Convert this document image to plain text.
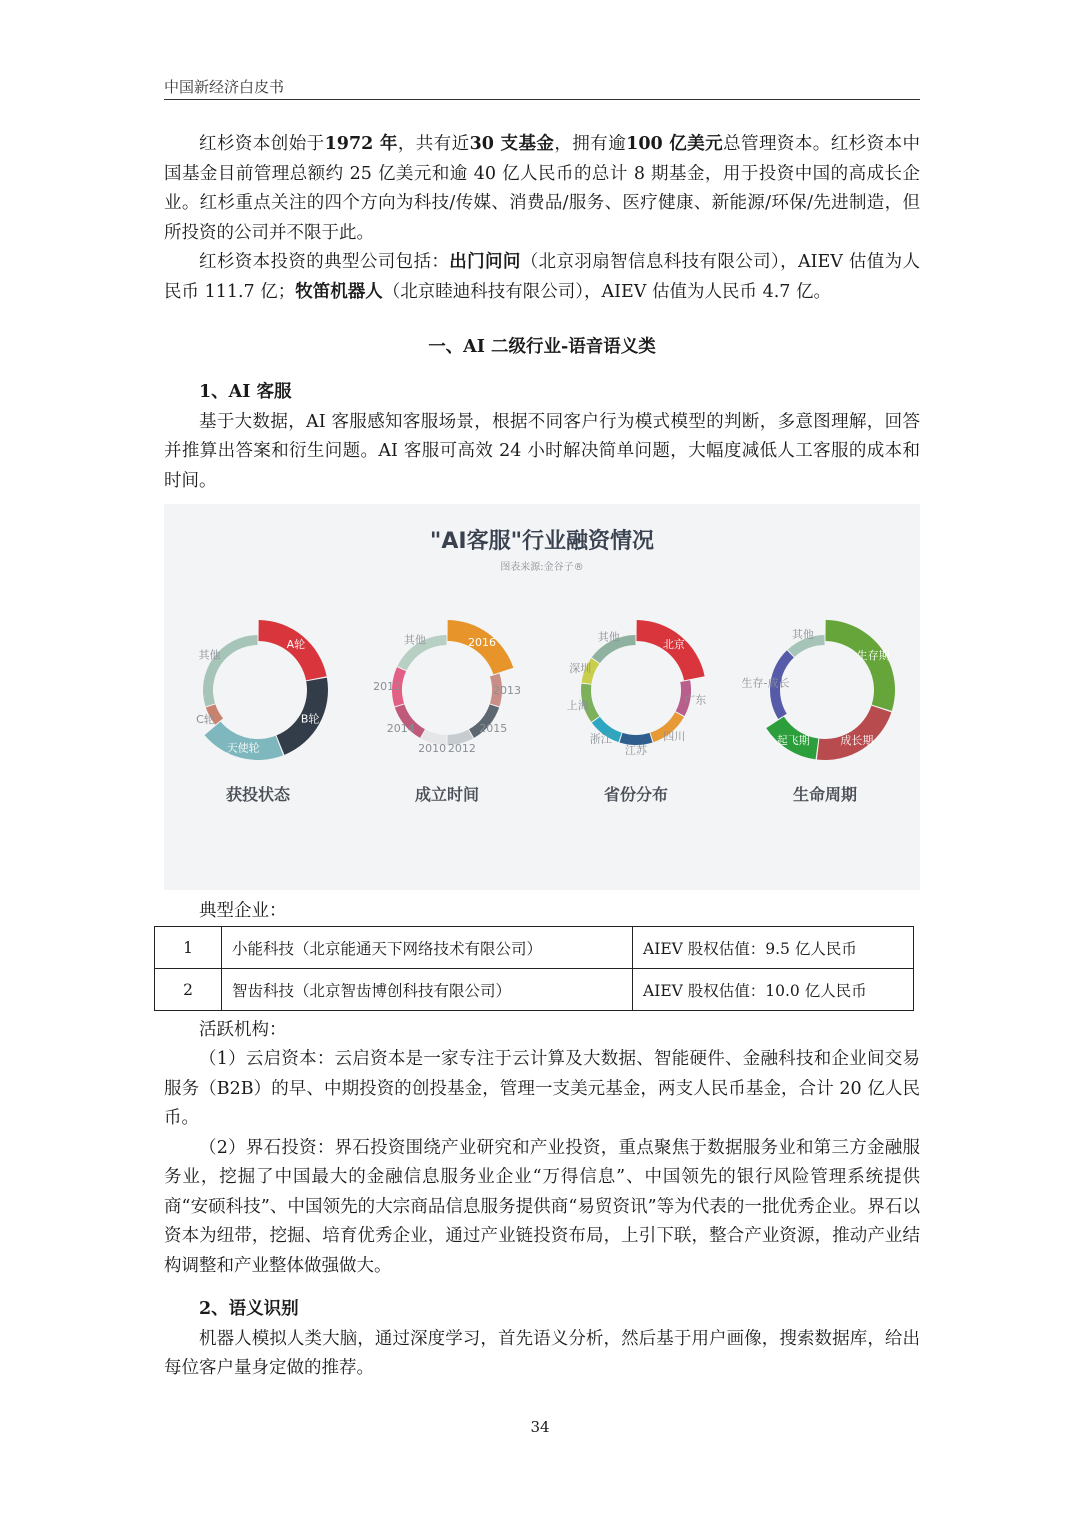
中国新经济白皮书

红杉资本创始于1972 年，共有近30 支基金，拥有逾100 亿美元总管理资本。红杉资本中国基金目前管理总额约 25 亿美元和逾 40 亿人民币的总计 8 期基金，用于投资中国的高成长企业。红杉重点关注的四个方向为科技/传媒、消费品/服务、医疗健康、新能源/环保/先进制造，但所投资的公司并不限于此。

红杉资本投资的典型公司包括：出门问问（北京羽扇智信息科技有限公司），AIEV 估值为人民币 111.7 亿；牧笛机器人（北京睦迪科技有限公司），AIEV 估值为人民币 4.7 亿。

一、AI 二级行业-语音语义类
1、AI 客服

基于大数据，AI 客服感知客服场景，根据不同客户行为模式模型的判断，多意图理解，回答并推算出答案和衍生问题。AI 客服可高效 24 小时解决简单问题，大幅度减低人工客服的成本和时间。

"AI客服"行业融资情况
图表来源:金谷子®
A轮
B轮
天使轮
C轮
其他
获投状态
2016
2013
2015
2012
2010
2014
2011
其他
成立时间
北京
广东
四川
江苏
浙江
上海
深圳
其他
省份分布
生存期
成长期
起飞期
生存-成长
其他
生命周期
典型企业：
1	小能科技（北京能通天下网络技术有限公司）	AIEV 股权估值：9.5 亿人民币
2	智齿科技（北京智齿博创科技有限公司）	AIEV 股权估值：10.0 亿人民币
活跃机构：

（1）云启资本：云启资本是一家专注于云计算及大数据、智能硬件、金融科技和企业间交易服务（B2B）的早、中期投资的创投基金，管理一支美元基金，两支人民币基金，合计 20 亿人民币。

（2）界石投资：界石投资围绕产业研究和产业投资，重点聚焦于数据服务业和第三方金融服务业，挖掘了中国最大的金融信息服务业企业“万得信息”、中国领先的银行风险管理系统提供商“安硕科技”、中国领先的大宗商品信息服务提供商“易贸资讯”等为代表的一批优秀企业。界石以资本为纽带，挖掘、培育优秀企业，通过产业链投资布局，上引下联，整合产业资源，推动产业结构调整和产业整体做强做大。

2、语义识别

机器人模拟人类大脑，通过深度学习，首先语义分析，然后基于用户画像，搜索数据库，给出每位客户量身定做的推荐。

34
